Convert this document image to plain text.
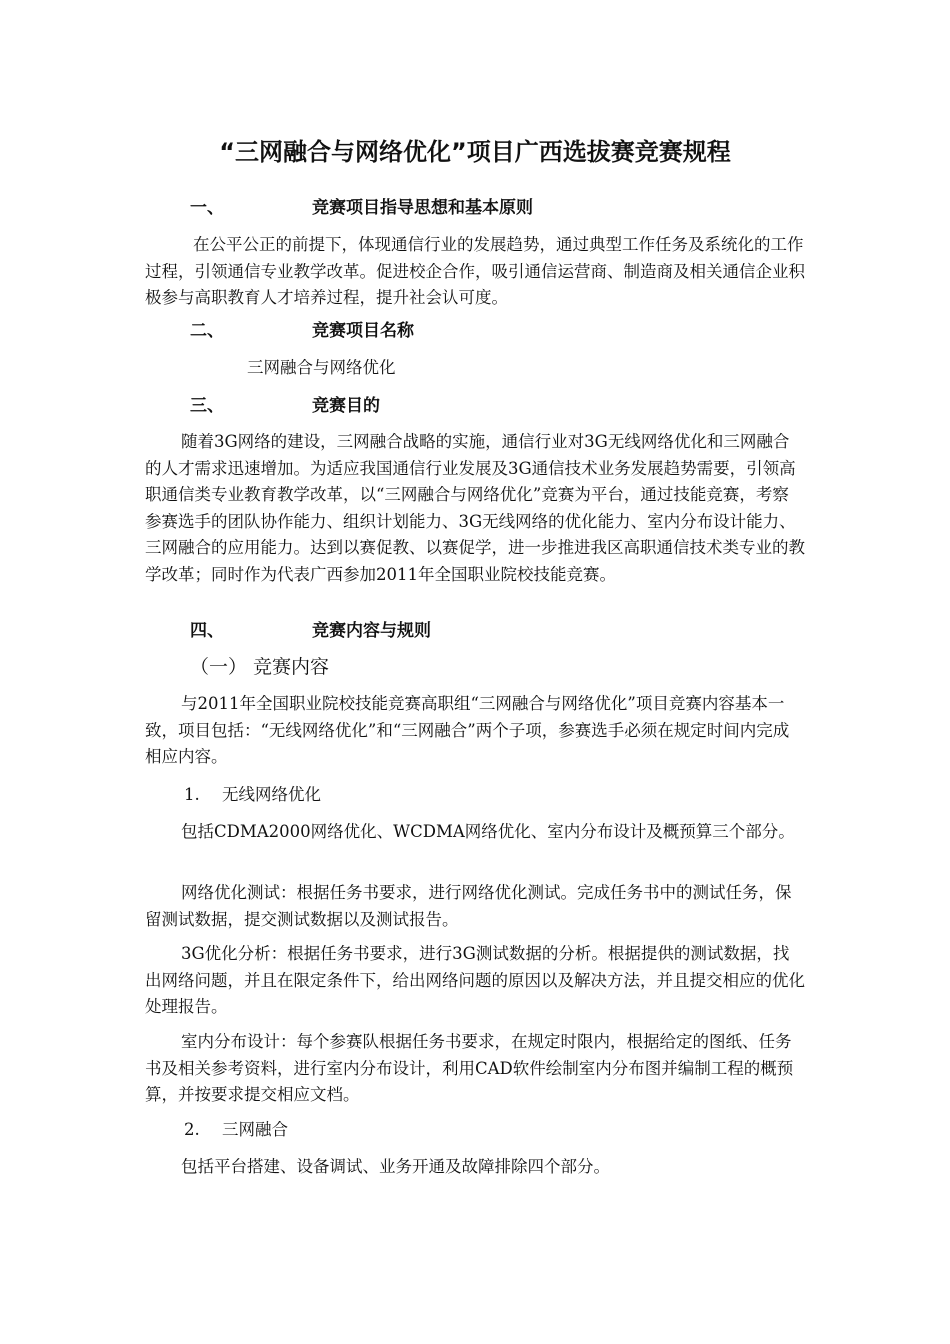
“三网融合与网络优化”项目广西选拔赛竞赛规程
一、	竞赛项目指导思想和基本原则

在公平公正的前提下，体现通信行业的发展趋势，通过典型工作任务及系统化的工作过程，引领通信专业教学改革。促进校企合作，吸引通信运营商、制造商及相关通信企业积极参与高职教育人才培养过程，提升社会认可度。

二、	竞赛项目名称
三网融合与网络优化
三、	竞赛目的

随着3G网络的建设，三网融合战略的实施，通信行业对3G无线网络优化和三网融合的人才需求迅速增加。为适应我国通信行业发展及3G通信技术业务发展趋势需要，引领高职通信类专业教育教学改革，以“三网融合与网络优化”竞赛为平台，通过技能竞赛，考察参赛选手的团队协作能力、组织计划能力、3G无线网络的优化能力、室内分布设计能力、三网融合的应用能力。达到以赛促教、以赛促学，进一步推进我区高职通信技术类专业的教学改革；同时作为代表广西参加2011年全国职业院校技能竞赛。

四、	竞赛内容与规则
（一） 竞赛内容

与2011年全国职业院校技能竞赛高职组“三网融合与网络优化”项目竞赛内容基本一致，项目包括：“无线网络优化”和“三网融合”两个子项，参赛选手必须在规定时间内完成相应内容。

1. 无线网络优化

包括CDMA2000网络优化、WCDMA网络优化、室内分布设计及概预算三个部分。

网络优化测试：根据任务书要求，进行网络优化测试。完成任务书中的测试任务，保留测试数据，提交测试数据以及测试报告。

3G优化分析：根据任务书要求，进行3G测试数据的分析。根据提供的测试数据，找出网络问题，并且在限定条件下，给出网络问题的原因以及解决方法，并且提交相应的优化处理报告。

室内分布设计：每个参赛队根据任务书要求，在规定时限内，根据给定的图纸、任务书及相关参考资料，进行室内分布设计，利用CAD软件绘制室内分布图并编制工程的概预算，并按要求提交相应文档。

2. 三网融合

包括平台搭建、设备调试、业务开通及故障排除四个部分。
